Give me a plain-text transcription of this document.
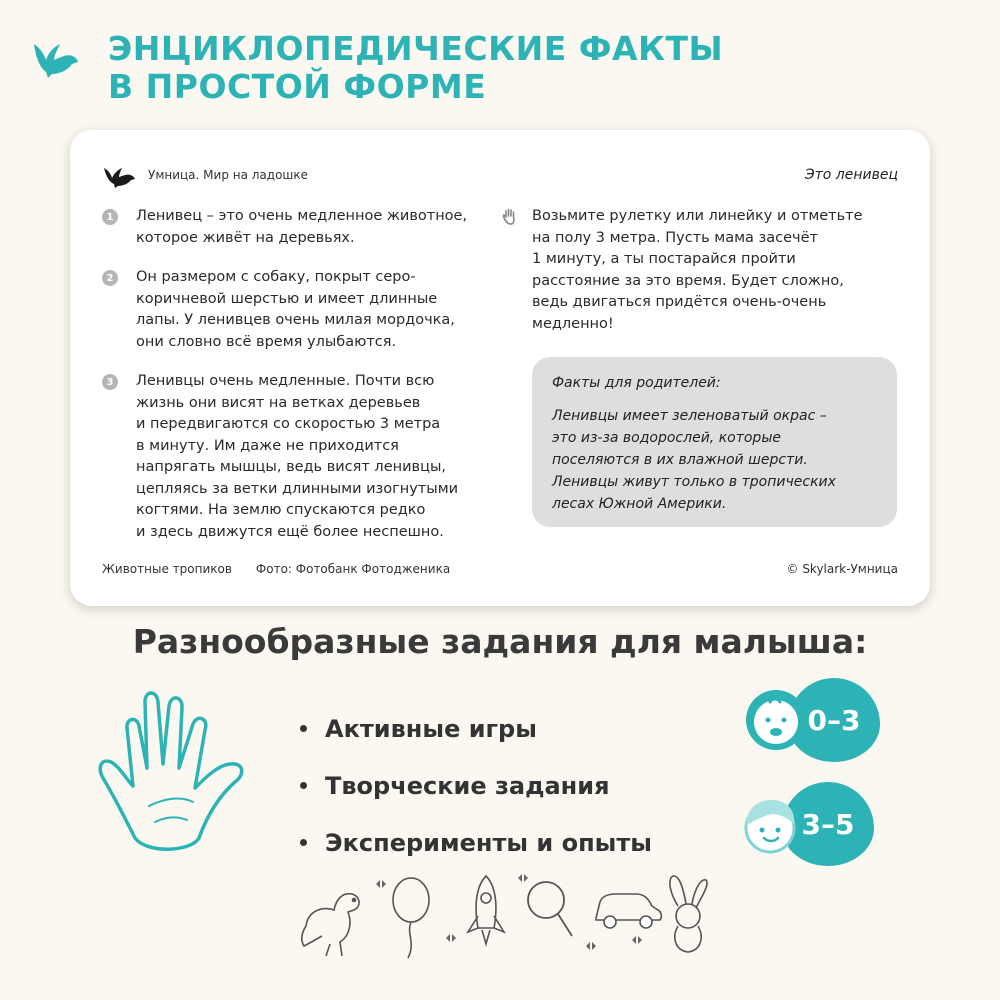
ЭНЦИКЛОПЕДИЧЕСКИЕ ФАКТЫ
В ПРОСТОЙ ФОРМЕ
Умница. Мир на ладошке	Это ленивец
1	Ленивец – это очень медленное животное,
которое живёт на деревьях.

2	Он размером с собаку, покрыт серо-
коричневой шерстью и имеет длинные
лапы. У ленивцев очень милая мордочка,
они словно всё время улыбаются.

3	Ленивцы очень медленные. Почти всю
жизнь они висят на ветках деревьев
и передвигаются со скоростью 3 метра
в минуту. Им даже не приходится
напрягать мышцы, ведь висят ленивцы,
цепляясь за ветки длинными изогнутыми
когтями. На землю спускаются редко
и здесь движутся ещё более неспешно.

Возьмите рулетку или линейку и отметьте
на полу 3 метра. Пусть мама засечёт
1 минуту, а ты постарайся пройти
расстояние за это время. Будет сложно,
ведь двигаться придётся очень-очень
медленно!

Факты для родителей:

Ленивцы имеет зеленоватый окрас –
это из-за водорослей, которые
поселяются в их влажной шерсти.
Ленивцы живут только в тропических
лесах Южной Америки.

Животные тропиков Фото: Фотобанк Фотодженика	© Skylark-Умница
Разнообразные задания для малыша:
Активные игры
Творческие задания
Эксперименты и опыты
0–3
3–5
